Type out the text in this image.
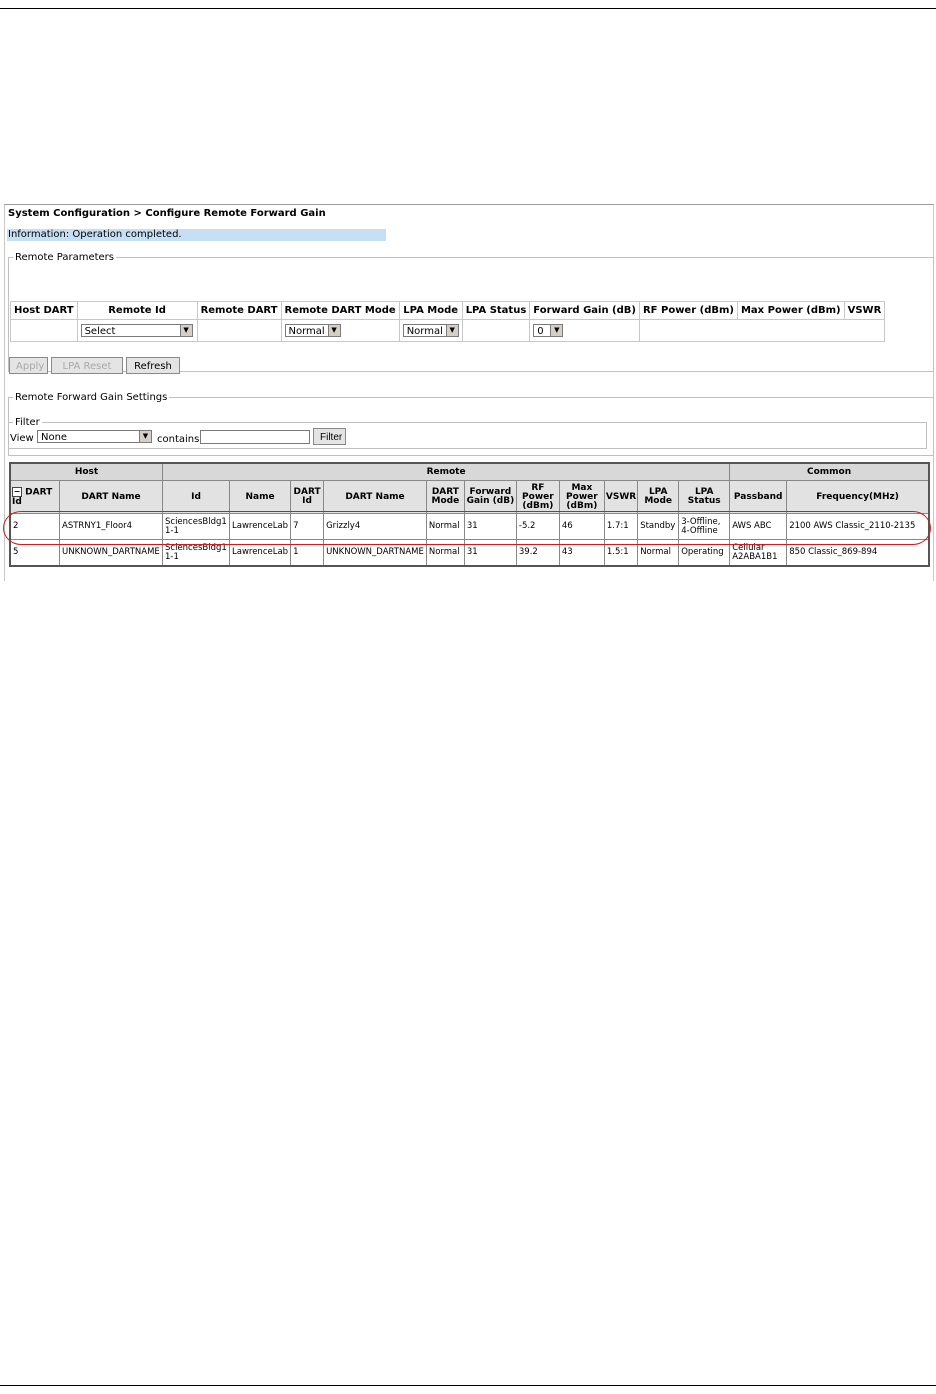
System Configuration > Configure Remote Forward Gain
Information: Operation completed.
Remote Parameters
Host DART	Remote Id	Remote DART	Remote DART Mode	LPA Mode	LPA Status	Forward Gain (dB)	RF Power (dBm)	Max Power (dBm)	VSWR
	Select ▼		Normal ▼	Normal ▼		0 ▼			

Apply	LPA Reset	Refresh
Remote Forward Gain Settings
Filter
View None	▼ contains	Filter
Host		Remote											Common	
− DART Id	DART Name	Id	Name	DART Id	DART Name	DART Mode	Forward Gain (dB)	RF Power (dBm)	Max Power (dBm)	VSWR	LPA Mode	LPA Status	Passband	Frequency(MHz)
2	ASTRNY1_Floor4	SciencesBldg1 1-1	LawrenceLab	7	Grizzly4	Normal	31	-5.2	46	1.7:1	Standby	3-Offline, 4-Offline	AWS ABC	2100 AWS Classic_2110-2135
5	UNKNOWN_DARTNAME	SciencesBldg1 1-1	LawrenceLab	1	UNKNOWN_DARTNAME	Normal	31	39.2	43	1.5:1	Normal	Operating	Cellular A2ABA1B1	850 Classic_869-894
